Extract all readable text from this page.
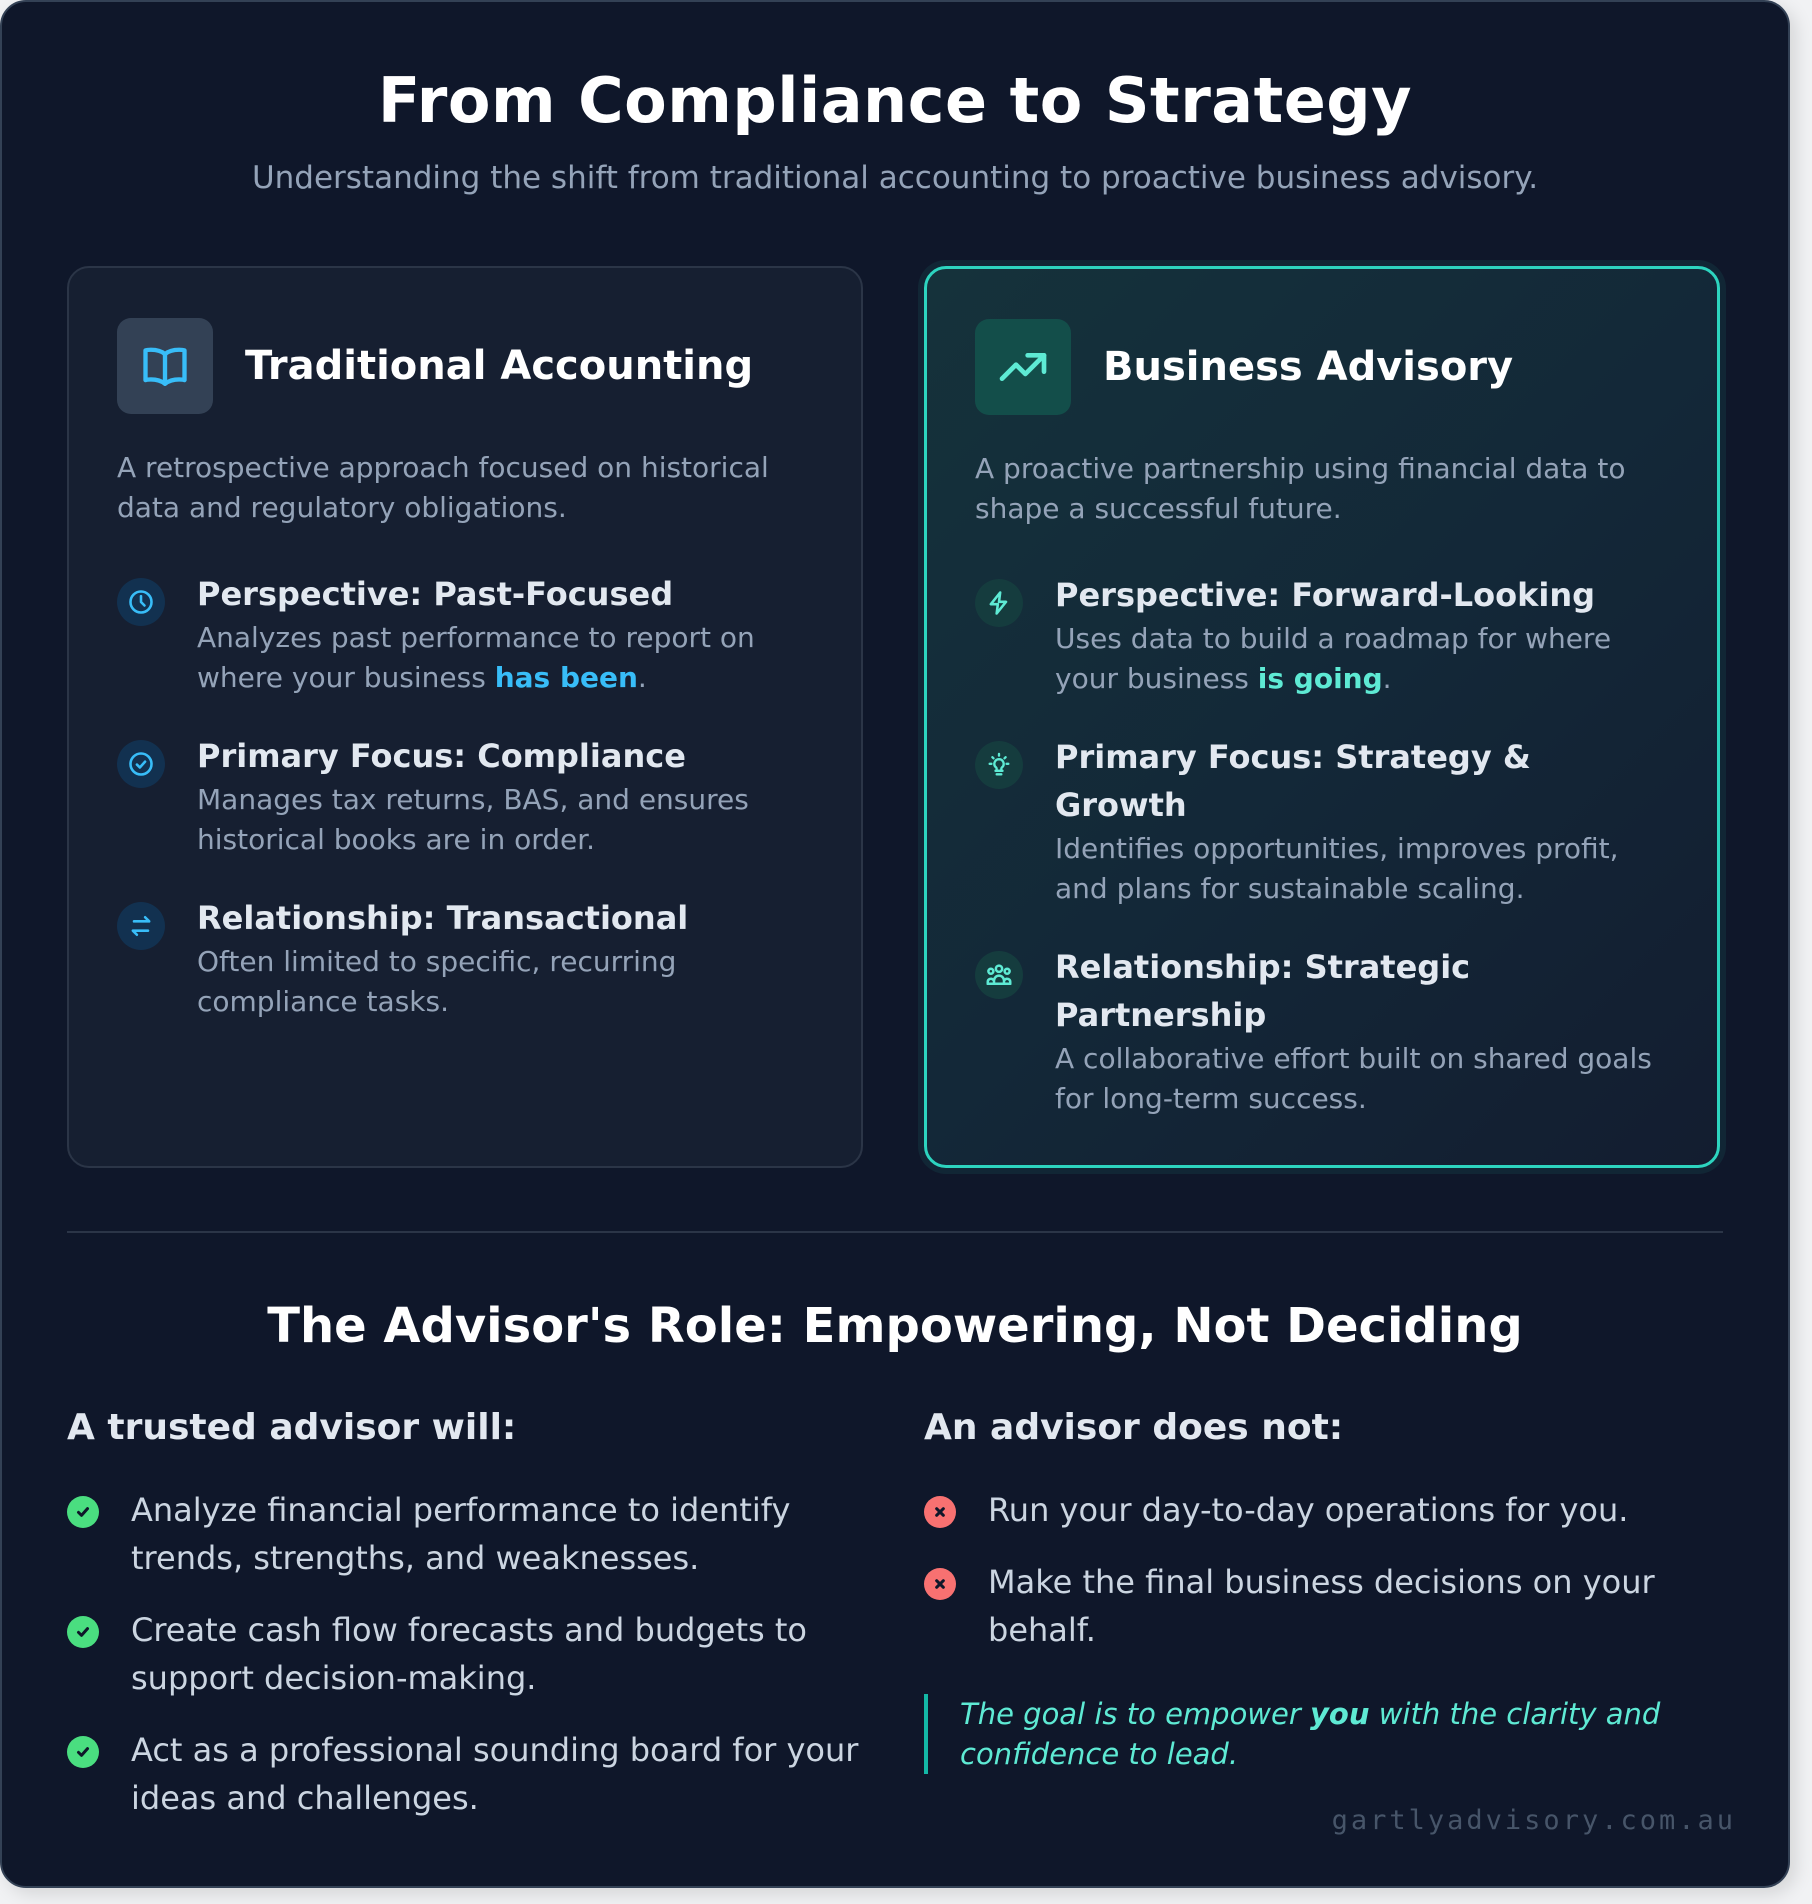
From Compliance to Strategy

Understanding the shift from traditional accounting to proactive business advisory.

Traditional Accounting

A retrospective approach focused on historical data and regulatory obligations.

Perspective: Past-Focused
Analyzes past performance to report on where your business has been.
Primary Focus: Compliance
Manages tax returns, BAS, and ensures historical books are in order.
Relationship: Transactional
Often limited to specific, recurring compliance tasks.
Business Advisory

A proactive partnership using financial data to shape a successful future.

Perspective: Forward-Looking
Uses data to build a roadmap for where your business is going.
Primary Focus: Strategy & Growth
Identifies opportunities, improves profit, and plans for sustainable scaling.
Relationship: Strategic Partnership
A collaborative effort built on shared goals for long-term success.
The Advisor's Role: Empowering, Not Deciding
A trusted advisor will:
Analyze financial performance to identify trends, strengths, and weaknesses.
Create cash flow forecasts and budgets to support decision-making.
Act as a professional sounding board for your ideas and challenges.
An advisor does not:
Run your day-to-day operations for you.
Make the final business decisions on your behalf.
The goal is to empower you with the clarity and confidence to lead.
gartlyadvisory.com.au
